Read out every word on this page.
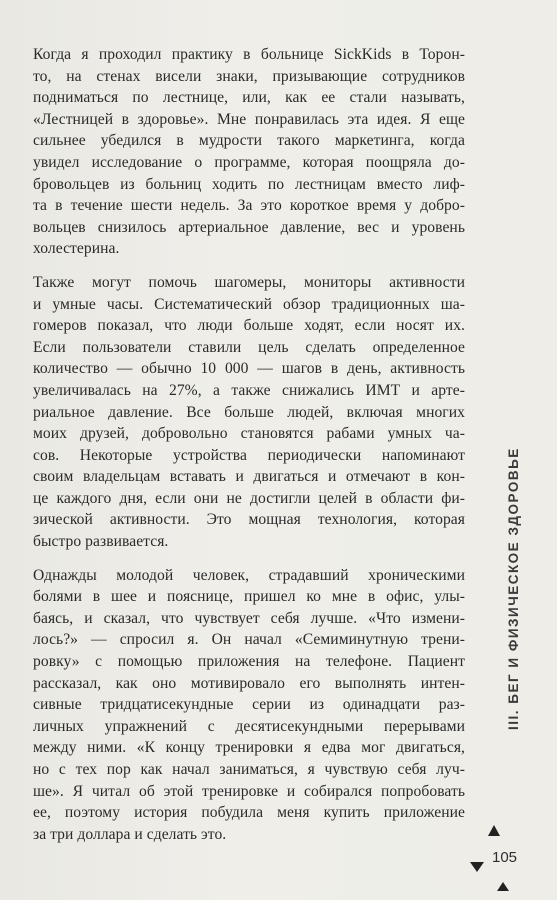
Когда я проходил практику в больнице SickKids в Торон-
то, на стенах висели знаки, призывающие сотрудников
подниматься по лестнице, или, как ее стали называть,
«Лестницей в здоровье». Мне понравилась эта идея. Я еще
сильнее убедился в мудрости такого маркетинга, когда
увидел исследование о программе, которая поощряла до-
бровольцев из больниц ходить по лестницам вместо лиф-
та в течение шести недель. За это короткое время у добро-
вольцев снизилось артериальное давление, вес и уровень
холестерина.

Также могут помочь шагомеры, мониторы активности
и умные часы. Систематический обзор традиционных ша-
гомеров показал, что люди больше ходят, если носят их.
Если пользователи ставили цель сделать определенное
количество — обычно 10 000 — шагов в день, активность
увеличивалась на 27%, а также снижались ИМТ и арте-
риальное давление. Все больше людей, включая многих
моих друзей, добровольно становятся рабами умных ча-
сов. Некоторые устройства периодически напоминают
своим владельцам вставать и двигаться и отмечают в кон-
це каждого дня, если они не достигли целей в области фи-
зической активности. Это мощная технология, которая
быстро развивается.

Однажды молодой человек, страдавший хроническими
болями в шее и пояснице, пришел ко мне в офис, улы-
баясь, и сказал, что чувствует себя лучше. «Что измени-
лось?» — спросил я. Он начал «Семиминутную трени-
ровку» с помощью приложения на телефоне. Пациент
рассказал, как оно мотивировало его выполнять интен-
сивные тридцатисекундные серии из одинадцати раз-
личных упражнений с десятисекундными перерывами
между ними. «К концу тренировки я едва мог двигаться,
но с тех пор как начал заниматься, я чувствую себя луч-
ше». Я читал об этой тренировке и собирался попробовать
ее, поэтому история побудила меня купить приложение
за три доллара и сделать это.

III. БЕГ И ФИЗИЧЕСКОЕ ЗДОРОВЬЕ
105
